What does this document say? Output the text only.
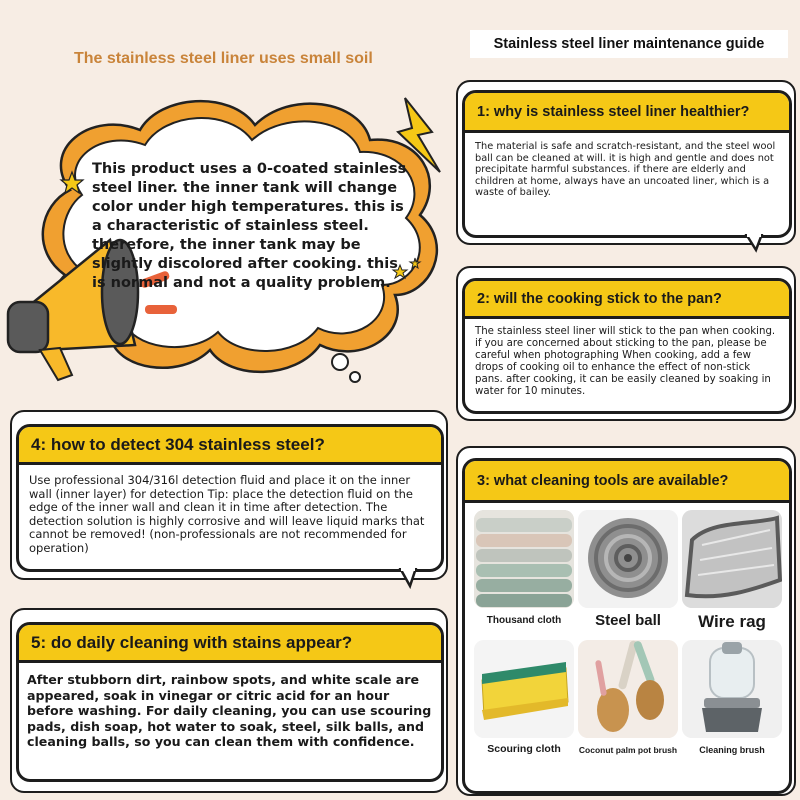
The stainless steel liner uses small soil
Stainless steel liner maintenance guide
This product uses a 0-coated stainless steel liner. the inner tank will change color under high temperatures. this is a characteristic of stainless steel. therefore, the inner tank may be slightly discolored after cooking. this is normal and not a quality problem.
1: why is stainless steel liner healthier?
The material is safe and scratch-resistant, and the steel wool ball can be cleaned at will. it is high and gentle and does not precipitate harmful substances. if there are elderly and children at home, always have an uncoated liner, which is a waste of bailey.
2: will the cooking stick to the pan?
The stainless steel liner will stick to the pan when cooking. if you are concerned about sticking to the pan, please be careful when photographing When cooking, add a few drops of cooking oil to enhance the effect of non-stick pans. after cooking, it can be easily cleaned by soaking in water for 10 minutes.
4: how to detect 304 stainless steel?
Use professional 304/316l detection fluid and place it on the inner wall (inner layer) for detection Tip: place the detection fluid on the edge of the inner wall and clean it in time after detection. The detection solution is highly corrosive and will leave liquid marks that cannot be removed! (non-professionals are not recommended for operation)
5: do daily cleaning with stains appear?
After stubborn dirt, rainbow spots, and white scale are appeared, soak in vinegar or citric acid for an hour before washing. For daily cleaning, you can use scouring pads, dish soap, hot water to soak, steel, silk balls, and cleaning balls, so you can clean them with confidence.
3: what cleaning tools are available?
Thousand cloth	Steel ball	Wire rag
Scouring cloth	Coconut palm pot brush	Cleaning brush
